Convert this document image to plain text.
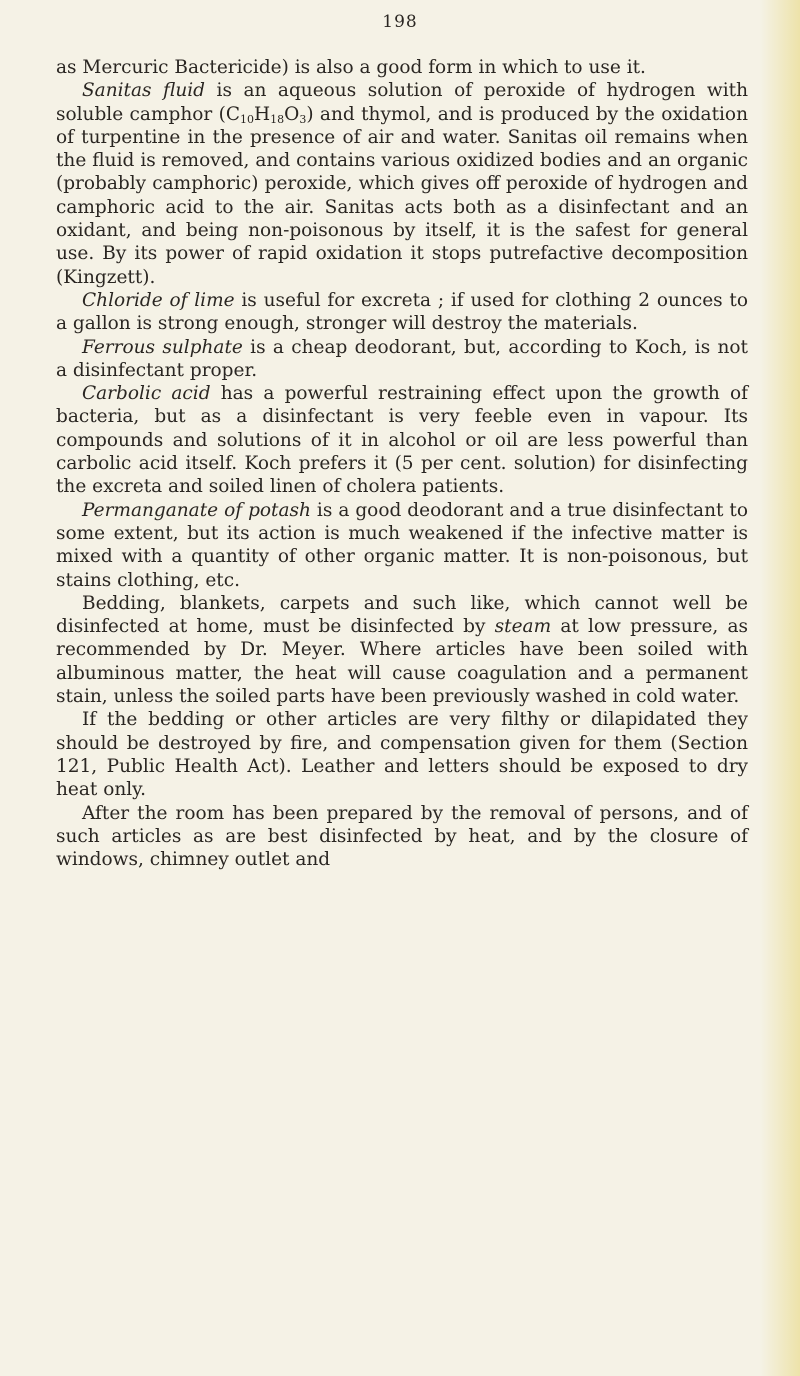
198

as Mercuric Bactericide) is also a good form in which to use it.

Sanitas fluid is an aqueous solution of peroxide of hydrogen with soluble camphor $(C_{10}H_{18}O_3)$ and thymol, and is produced by the oxidation of turpentine in the presence of air and water. Sanitas oil remains when the fluid is removed, and contains various oxidized bodies and an organic (probably camphoric) peroxide, which gives off peroxide of hydrogen and camphoric acid to the air. Sanitas acts both as a disinfectant and an oxidant, and being non-poisonous by itself, it is the safest for general use. By its power of rapid oxidation it stops putrefactive decomposition (Kingzett).

Chloride of lime is useful for excreta ; if used for clothing 2 ounces to a gallon is strong enough, stronger will destroy the materials.

Ferrous sulphate is a cheap deodorant, but, according to Koch, is not a disinfectant proper.

Carbolic acid has a powerful restraining effect upon the growth of bacteria, but as a disinfectant is very feeble even in vapour. Its compounds and solutions of it in alcohol or oil are less powerful than carbolic acid itself. Koch prefers it (5 per cent. solution) for disinfecting the excreta and soiled linen of cholera patients.

Permanganate of potash is a good deodorant and a true disinfectant to some extent, but its action is much weakened if the infective matter is mixed with a quantity of other organic matter. It is non-poisonous, but stains clothing, etc.

Bedding, blankets, carpets and such like, which cannot well be disinfected at home, must be disinfected by steam at low pressure, as recommended by Dr. Meyer. Where articles have been soiled with albuminous matter, the heat will cause coagulation and a permanent stain, unless the soiled parts have been previously washed in cold water.

If the bedding or other articles are very filthy or dilapidated they should be destroyed by fire, and compensation given for them (Section 121, Public Health Act). Leather and letters should be exposed to dry heat only.

After the room has been prepared by the removal of persons, and of such articles as are best disinfected by heat, and by the closure of windows, chimney outlet and
